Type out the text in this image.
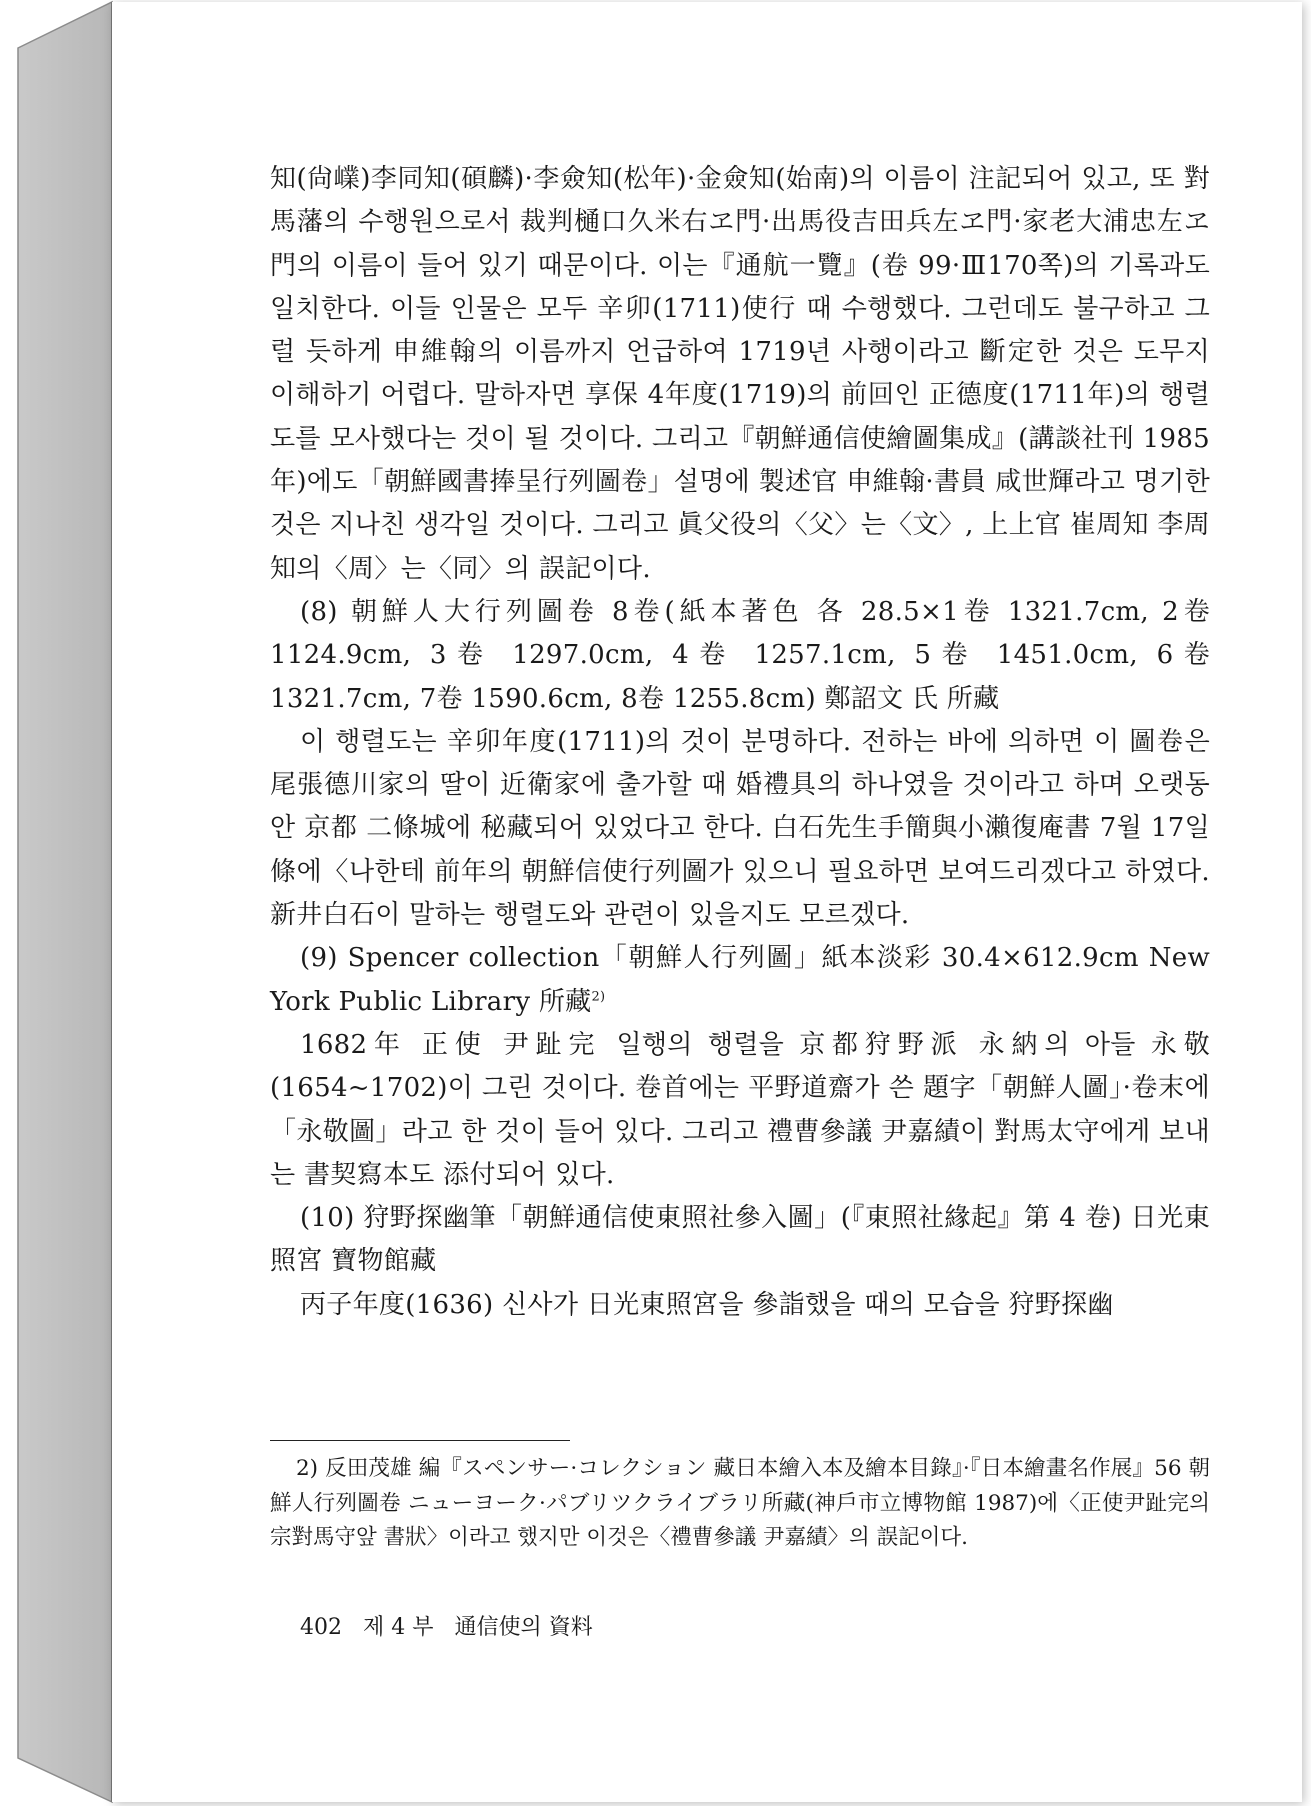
知(尙嶫)李同知(碩麟)·李僉知(松年)·金僉知(始南)의 이름이 注記되어 있고, 또 對馬藩의 수행원으로서 裁判樋口久米右ヱ門·出馬役吉田兵左ヱ門·家老大浦忠左ヱ門의 이름이 들어 있기 때문이다. 이는『通航一覽』(卷 99·Ⅲ170쪽)의 기록과도 일치한다. 이들 인물은 모두 辛卯(1711)使行 때 수행했다. 그런데도 불구하고 그럴 듯하게 申維翰의 이름까지 언급하여 1719년 사행이라고 斷定한 것은 도무지 이해하기 어렵다. 말하자면 享保 4年度(1719)의 前回인 正德度(1711年)의 행렬도를 모사했다는 것이 될 것이다. 그리고『朝鮮通信使繪圖集成』(講談社刊 1985年)에도「朝鮮國書捧呈行列圖卷」설명에 製述官 申維翰·書員 咸世輝라고 명기한 것은 지나친 생각일 것이다. 그리고 眞父役의〈父〉는〈文〉, 上上官 崔周知 李周知의〈周〉는〈同〉의 誤記이다.

(8) 朝鮮人大行列圖卷 8卷(紙本著色 各 28.5×1卷 1321.7cm, 2卷 1124.9cm, 3卷 1297.0cm, 4卷 1257.1cm, 5卷 1451.0cm, 6卷 1321.7cm, 7卷 1590.6cm, 8卷 1255.8cm) 鄭詔文 氏 所藏

이 행렬도는 辛卯年度(1711)의 것이 분명하다. 전하는 바에 의하면 이 圖卷은 尾張德川家의 딸이 近衛家에 출가할 때 婚禮具의 하나였을 것이라고 하며 오랫동안 京都 二條城에 秘藏되어 있었다고 한다. 白石先生手簡與小瀨復庵書 7월 17일 條에〈나한테 前年의 朝鮮信使行列圖가 있으니 필요하면 보여드리겠다고 하였다. 新井白石이 말하는 행렬도와 관련이 있을지도 모르겠다.

(9) Spencer collection「朝鮮人行列圖」紙本淡彩 30.4×612.9cm New York Public Library 所藏$^{2)}$

1682年 正使 尹趾完 일행의 행렬을 京都狩野派 永納의 아들 永敬(1654~1702)이 그린 것이다. 卷首에는 平野道齋가 쓴 題字「朝鮮人圖」·卷末에「永敬圖」라고 한 것이 들어 있다. 그리고 禮曹參議 尹嘉績이 對馬太守에게 보내는 書契寫本도 添付되어 있다.

(10) 狩野探幽筆「朝鮮通信使東照社參入圖」(『東照社緣起』第 4 卷) 日光東照宮 寶物館藏

丙子年度(1636) 신사가 日光東照宮을 參詣했을 때의 모습을 狩野探幽

2) 反田茂雄 編『スペンサー·コレクション 藏日本繪入本及繪本目錄』·『日本繪畫名作展』56 朝鮮人行列圖卷 ニューヨーク·パブリツクライブラリ所藏(神戶市立博物館 1987)에〈正使尹趾完의 宗對馬守앞 書狀〉이라고 했지만 이것은〈禮曹參議 尹嘉績〉의 誤記이다.
402 제 4 부 通信使의 資料
